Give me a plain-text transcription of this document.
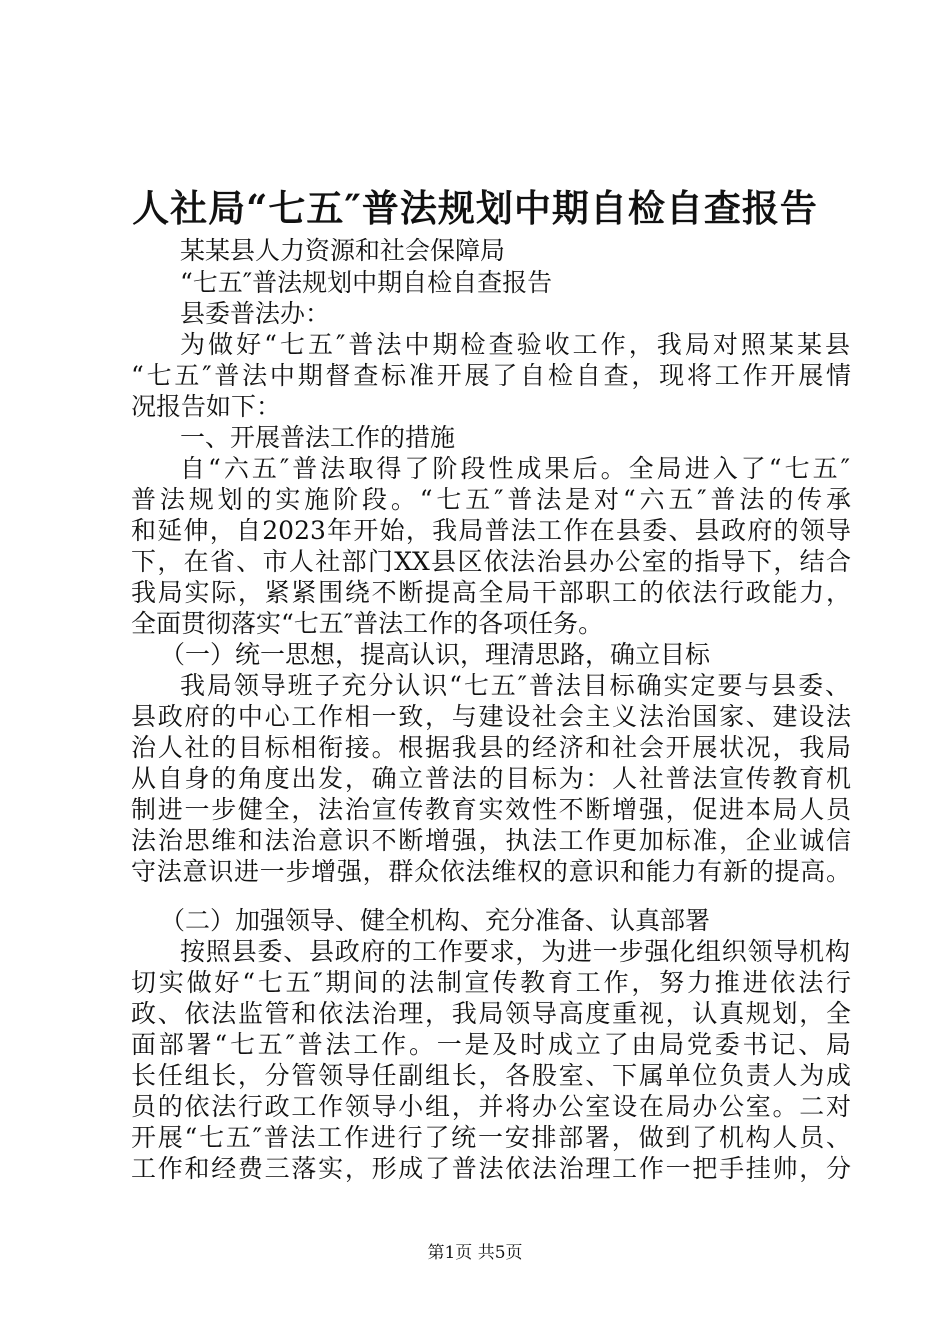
人社局“七五″普法规划中期自检自查报告
某某县人力资源和社会保障局
“七五″普法规划中期自检自查报告
县委普法办：
为做好“七五″普法中期检查验收工作，我局对照某某县
“七五″普法中期督查标准开展了自检自查，现将工作开展情
况报告如下：
一、开展普法工作的措施
自“六五″普法取得了阶段性成果后。全局进入了“七五″
普法规划的实施阶段。“七五″普法是对“六五″普法的传承
和延伸，自2023年开始，我局普法工作在县委、县政府的领导
下，在省、市人社部门XX县区依法治县办公室的指导下，结合
我局实际，紧紧围绕不断提高全局干部职工的依法行政能力，
全面贯彻落实“七五″普法工作的各项任务。
（一）统一思想，提高认识，理清思路，确立目标
我局领导班子充分认识“七五″普法目标确实定要与县委、
县政府的中心工作相一致，与建设社会主义法治国家、建设法
治人社的目标相衔接。根据我县的经济和社会开展状况，我局
从自身的角度出发，确立普法的目标为：人社普法宣传教育机
制进一步健全，法治宣传教育实效性不断增强，促进本局人员
法治思维和法治意识不断增强，执法工作更加标准，企业诚信
守法意识进一步增强，群众依法维权的意识和能力有新的提高。
（二）加强领导、健全机构、充分准备、认真部署
按照县委、县政府的工作要求，为进一步强化组织领导机构
切实做好“七五″期间的法制宣传教育工作，努力推进依法行
政、依法监管和依法治理，我局领导高度重视，认真规划，全
面部署“七五″普法工作。一是及时成立了由局党委书记、局
长任组长，分管领导任副组长，各股室、下属单位负责人为成
员的依法行政工作领导小组，并将办公室设在局办公室。二对
开展“七五″普法工作进行了统一安排部署，做到了机构人员、
工作和经费三落实，形成了普法依法治理工作一把手挂帅，分
第1页 共5页
